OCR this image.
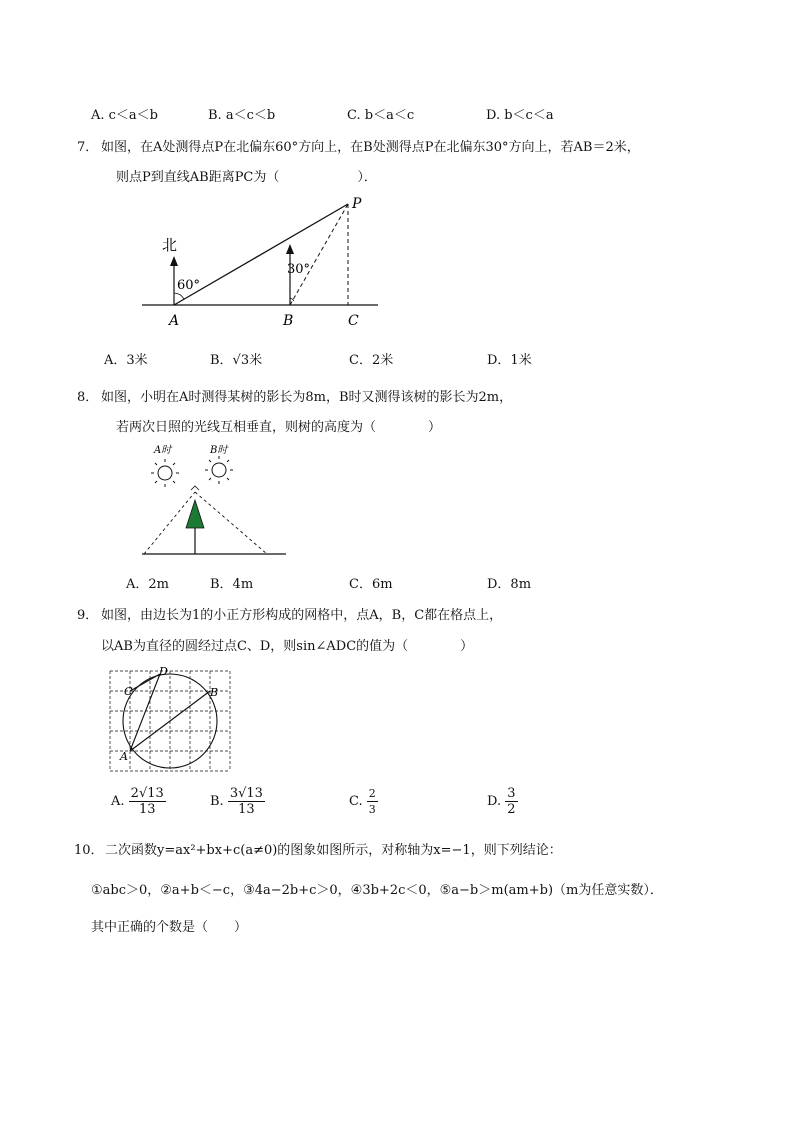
A. c＜a＜b	B. a＜c＜b	C. b＜a＜c	D. b＜c＜a
7． 如图，在A处测得点P在北偏东60°方向上，在B处测得点P在北偏东30°方向上，若AB＝2米，
则点P到直线AB距离PC为（　　　　　　）．
北
60°
30°
A	B	C
P
A．3米	B．√3米	C．2米	D．1米
8． 如图，小明在A时测得某树的影长为8m，B时又测得该树的影长为2m，
若两次日照的光线互相垂直，则树的高度为（　　　　）
A时	B时
A．2m	B．4m	C．6m	D．8m
9． 如图，由边长为1的小正方形构成的网格中，点A，B，C都在格点上，
以AB为直径的圆经过点C、D，则sin∠ADC的值为（　　　　）
A
B
C
D
A. $\frac{2√13}{13}$	B. $\frac{3√13}{13}$	C. $\frac{2}{3}$	D. $\frac{3}{2}$
10． 二次函数y=ax²+bx+c(a≠0)的图象如图所示，对称轴为x=−1，则下列结论：
①abc＞0，②a+b＜−c，③4a−2b+c＞0，④3b+2c＜0，⑤a−b＞m(am+b)（m为任意实数）．
其中正确的个数是（　　）
